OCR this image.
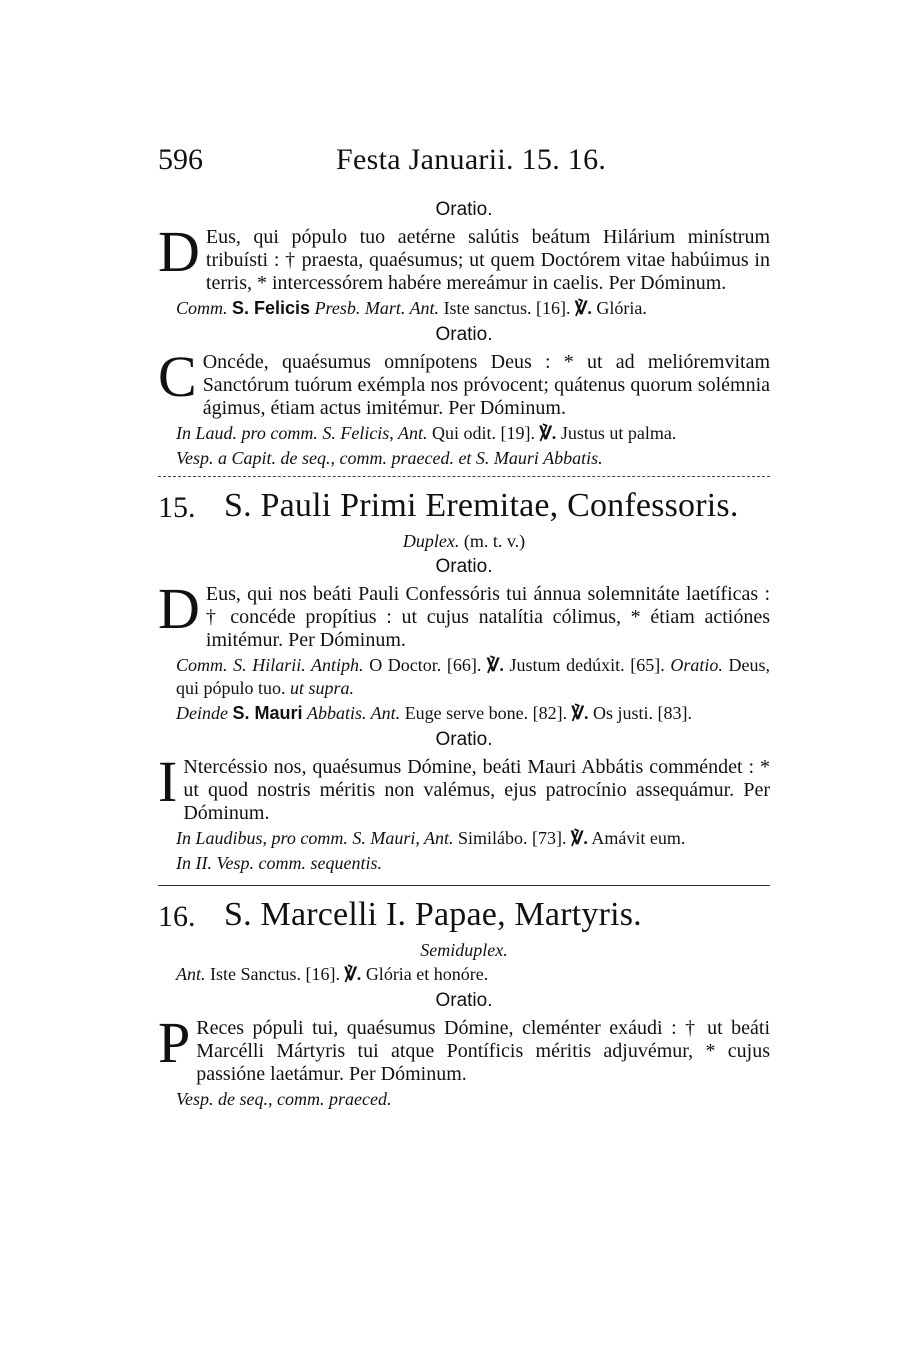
596	Festa Januarii. 15. 16.
Oratio.

D Eus, qui pópulo tuo aetérne salútis beátum Hilárium minístrum tribuísti : † praesta, quaésumus; ut quem Doctórem vitae habúimus in terris, * intercessórem habére mereámur in caelis. Per Dóminum.

Comm. S. Felicis Presb. Mart. Ant. Iste sanctus. [16]. ℣. Glória.

Oratio.

C Oncéde, quaésumus omnípotens Deus : * ut ad melióremvitam Sanctórum tuórum exémpla nos próvocent; quátenus quorum solémnia ágimus, étiam actus imitémur. Per Dóminum.

In Laud. pro comm. S. Felicis, Ant. Qui odit. [19]. ℣. Justus ut palma.

Vesp. a Capit. de seq., comm. praeced. et S. Mauri Abbatis.

15. S. Pauli Primi Eremitae, Confessoris.
Duplex. (m. t. v.)
Oratio.

D Eus, qui nos beáti Pauli Confessóris tui ánnua solemnitáte laetíficas : † concéde propítius : ut cujus natalítia cólimus, * étiam actiónes imitémur. Per Dóminum.

Comm. S. Hilarii. Antiph. O Doctor. [66]. ℣. Justum dedúxit. [65]. Oratio. Deus, qui pópulo tuo. ut supra.

Deinde S. Mauri Abbatis. Ant. Euge serve bone. [82]. ℣. Os justi. [83].

Oratio.

I Ntercéssio nos, quaésumus Dómine, beáti Mauri Abbátis comméndet : * ut quod nostris méritis non valémus, ejus patrocínio assequámur. Per Dóminum.

In Laudibus, pro comm. S. Mauri, Ant. Similábo. [73]. ℣. Amávit eum.

In II. Vesp. comm. sequentis.

16. S. Marcelli I. Papae, Martyris.
Semiduplex.

Ant. Iste Sanctus. [16]. ℣. Glória et honóre.

Oratio.

P Reces pópuli tui, quaésumus Dómine, cleménter exáudi : † ut beáti Marcélli Mártyris tui atque Pontíficis méritis adjuvémur, * cujus passióne laetámur. Per Dóminum.

Vesp. de seq., comm. praeced.
